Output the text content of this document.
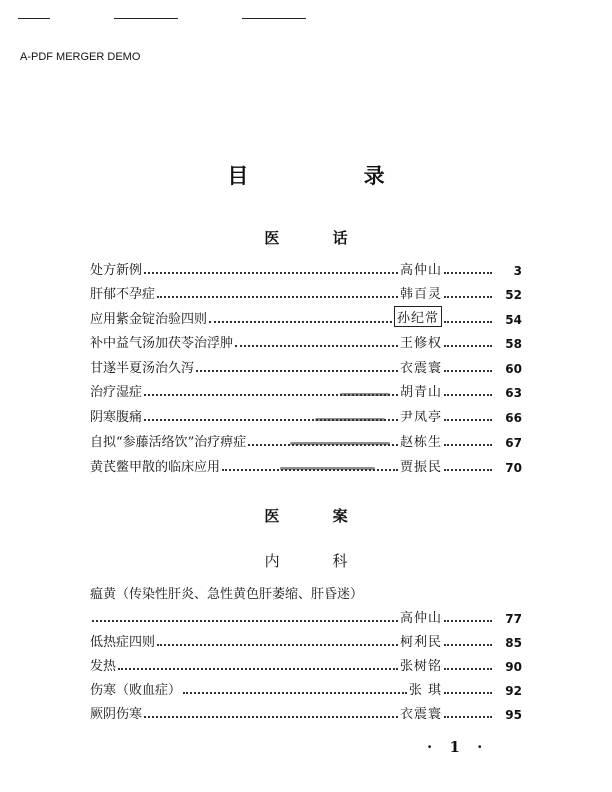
A-PDF MERGER DEMO
目 录
医 话
处方新例	高仲山	3
肝郁不孕症	韩百灵	52
应用紫金锭治验四则	孙纪常	54
补中益气汤加茯苓治浮肿	王修权	58
甘遂半夏汤治久泻	衣震寰	60
治疗湿症	胡青山	63
阴寒腹痛	尹凤亭	66
自拟“参藤活络饮”治疗痹症	赵栋生	67
黄芪鳖甲散的临床应用	贾振民	70
医 案
内 科
瘟黄（传染性肝炎、急性黄色肝萎缩、肝昏迷）
高仲山	77
低热症四则	柯利民	85
发热	张树铭	90
伤寒（败血症）	张 琪	92
厥阴伤寒	衣震寰	95
· 1 ·
